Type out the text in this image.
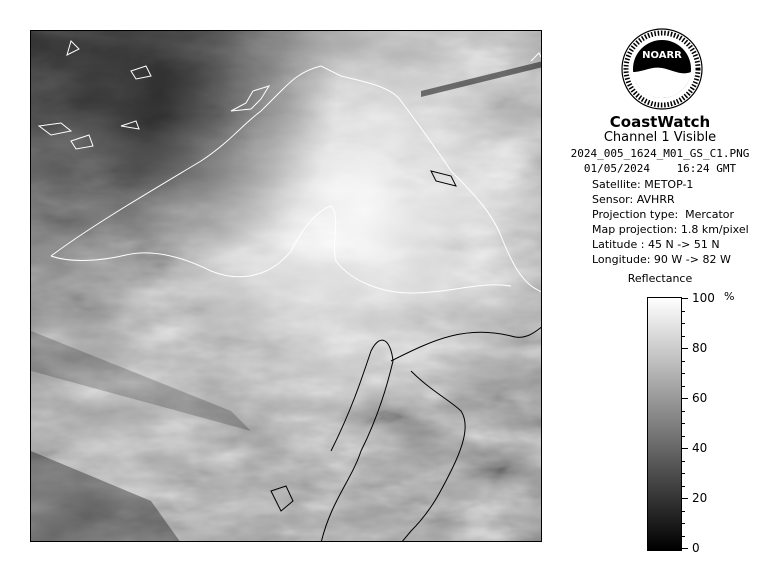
NOARR
CoastWatch
Channel 1 Visible
2024_005_1624_M01_GS_C1.PNG
01/05/2024 16:24 GMT
Satellite: METOP-1
Sensor: AVHRR
Projection type:  Mercator
Map projection: 1.8 km/pixel
Latitude : 45 N -> 51 N
Longitude: 90 W -> 82 W
Reflectance
%
100
80
60
40
20
0
